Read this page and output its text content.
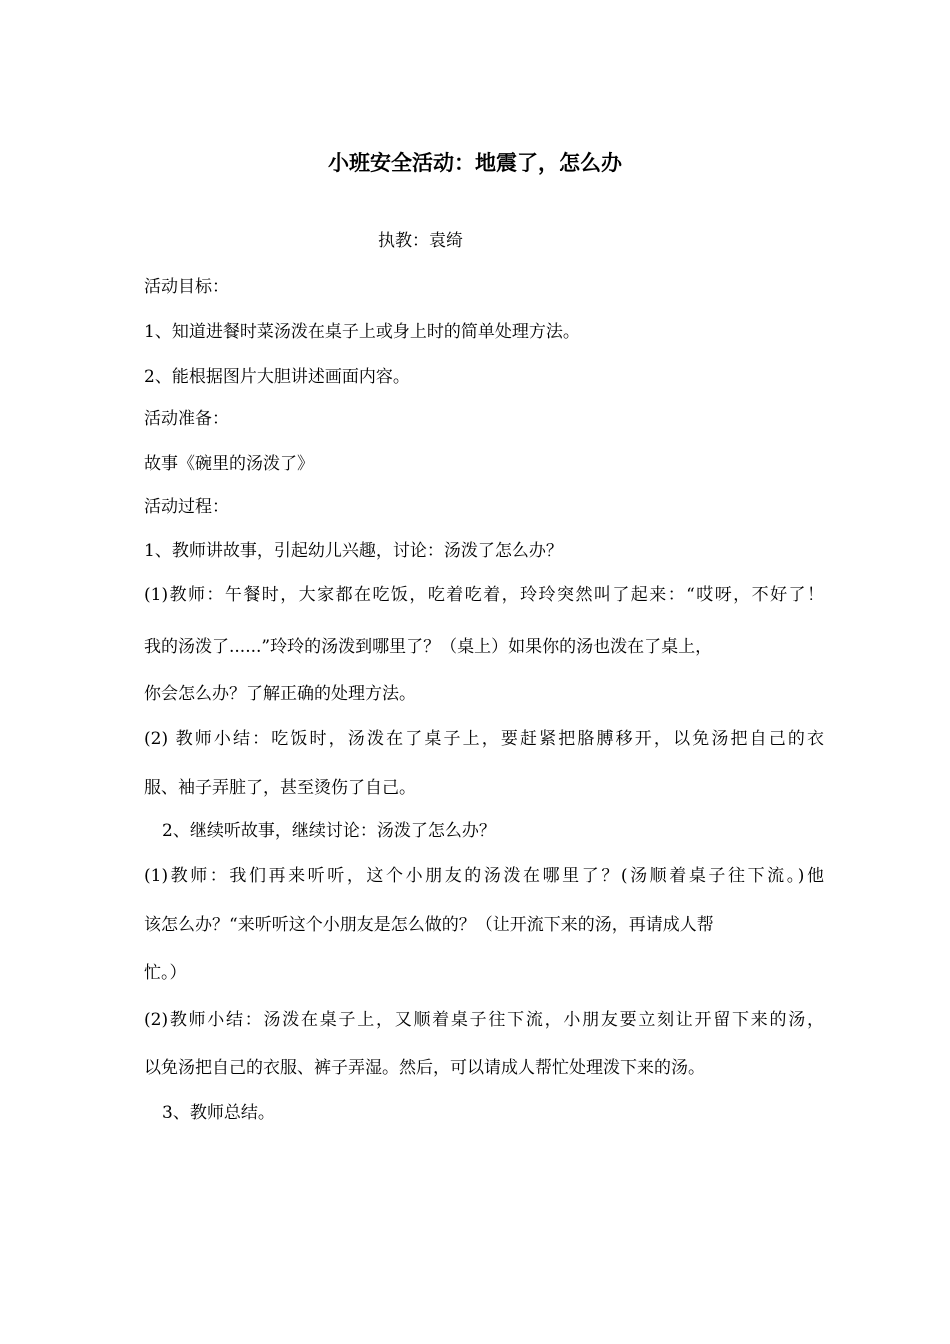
小班安全活动：地震了，怎么办
执教：袁绮
活动目标：
1、知道进餐时菜汤泼在桌子上或身上时的简单处理方法。
2、能根据图片大胆讲述画面内容。
活动准备：
故事《碗里的汤泼了》
活动过程：
1、教师讲故事，引起幼儿兴趣，讨论：汤泼了怎么办？
(1)教师：午餐时，大家都在吃饭，吃着吃着，玲玲突然叫了起来：“哎呀，不好了！
我的汤泼了......”玲玲的汤泼到哪里了？（桌上）如果你的汤也泼在了桌上，
你会怎么办？了解正确的处理方法。
(2) 教师小结：吃饭时，汤泼在了桌子上，要赶紧把胳膊移开，以免汤把自己的衣
服、袖子弄脏了，甚至烫伤了自己。
2、继续听故事，继续讨论：汤泼了怎么办？
(1)教师：我们再来听听，这个小朋友的汤泼在哪里了？(汤顺着桌子往下流。)他
该怎么办？“来听听这个小朋友是怎么做的？（让开流下来的汤，再请成人帮
忙。）
(2)教师小结：汤泼在桌子上，又顺着桌子往下流，小朋友要立刻让开留下来的汤，
以免汤把自己的衣服、裤子弄湿。然后，可以请成人帮忙处理泼下来的汤。
3、教师总结。
